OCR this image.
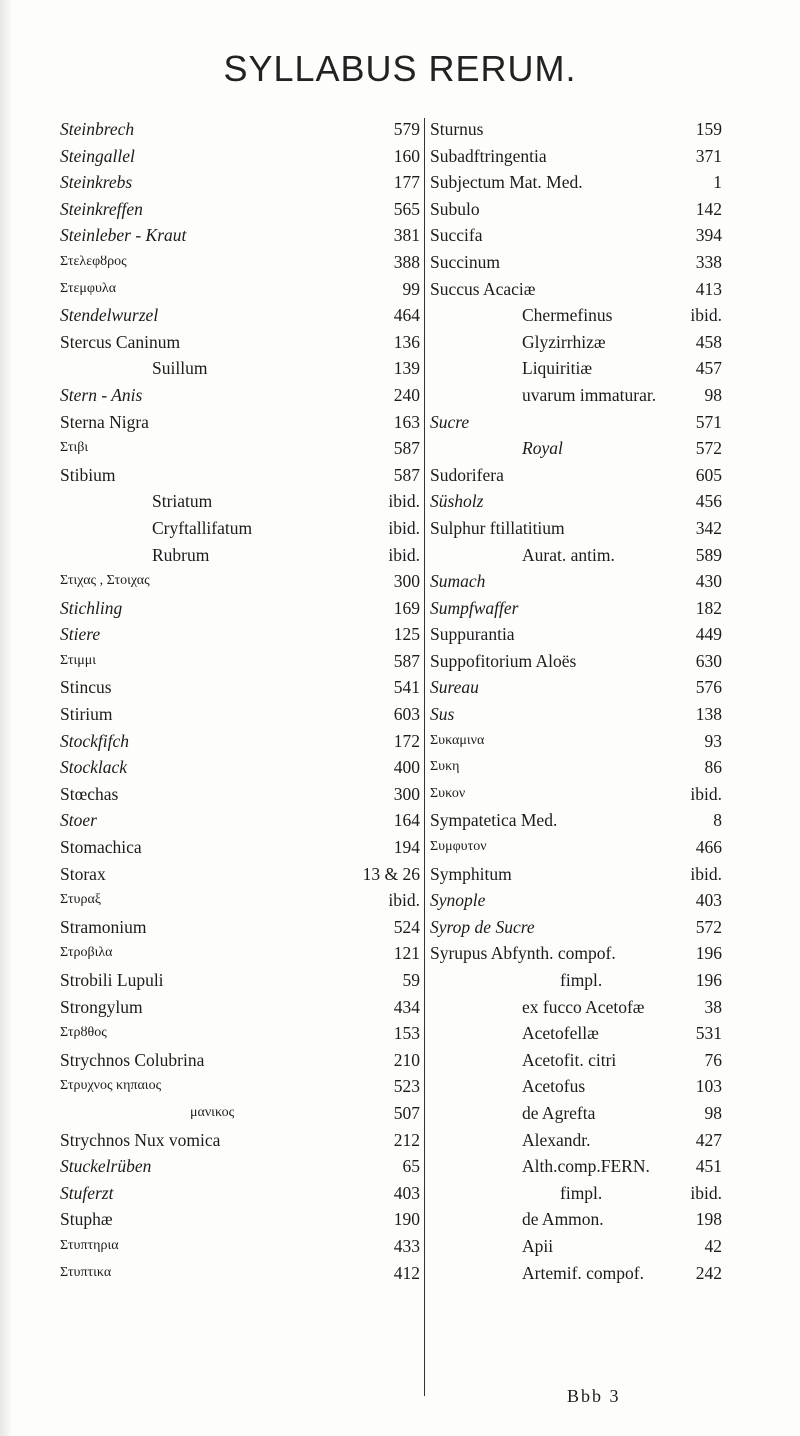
SYLLABUS RERUM.
Steinbrech	579
Steingallel	160
Steinkrebs	177
Steinkreffen	565
Steinleber - Kraut	381
Στελεφȣρος	388
Στεμφυλα	99
Stendelwurzel	464
Stercus Caninum	136
Suillum	139
Stern - Anis	240
Sterna Nigra	163
Στιβι	587
Stibium	587
Striatum	ibid.
Cryftallifatum	ibid.
Rubrum	ibid.
Στιχας , Στοιχας	300
Stichling	169
Stiere	125
Στιμμι	587
Stincus	541
Stirium	603
Stockfifch	172
Stocklack	400
Stœchas	300
Stoer	164
Stomachica	194
Storax	13 & 26
Στυραξ	ibid.
Stramonium	524
Στροβιλα	121
Strobili Lupuli	59
Strongylum	434
Στρȣθος	153
Strychnos Colubrina	210
Στρυχνος κηπαιος	523
μανικος	507
Strychnos Nux vomica	212
Stuckelrüben	65
Stuferzt	403
Stuphæ	190
Στυπτηρια	433
Στυπτικα	412
Sturnus	159
Subadftringentia	371
Subjectum Mat. Med.	1
Subulo	142
Succifa	394
Succinum	338
Succus Acaciæ	413
Chermefinus	ibid.
Glyzirrhizæ	458
Liquiritiæ	457
uvarum immaturar.	98
Sucre	571
Royal	572
Sudorifera	605
Süsholz	456
Sulphur ftillatitium	342
Aurat. antim.	589
Sumach	430
Sumpfwaffer	182
Suppurantia	449
Suppofitorium Aloës	630
Sureau	576
Sus	138
Συκαμινα	93
Συκη	86
Συκον	ibid.
Sympatetica Med.	8
Συμφυτον	466
Symphitum	ibid.
Synople	403
Syrop de Sucre	572
Syrupus Abfynth. compof.	196
fimpl.	196
ex fucco Acetofæ	38
Acetofellæ	531
Acetofit. citri	76
Acetofus	103
de Agrefta	98
Alexandr.	427
Alth.comp.FERN.	451
fimpl.	ibid.
de Ammon.	198
Apii	42
Artemif. compof.	242
Bbb 3
